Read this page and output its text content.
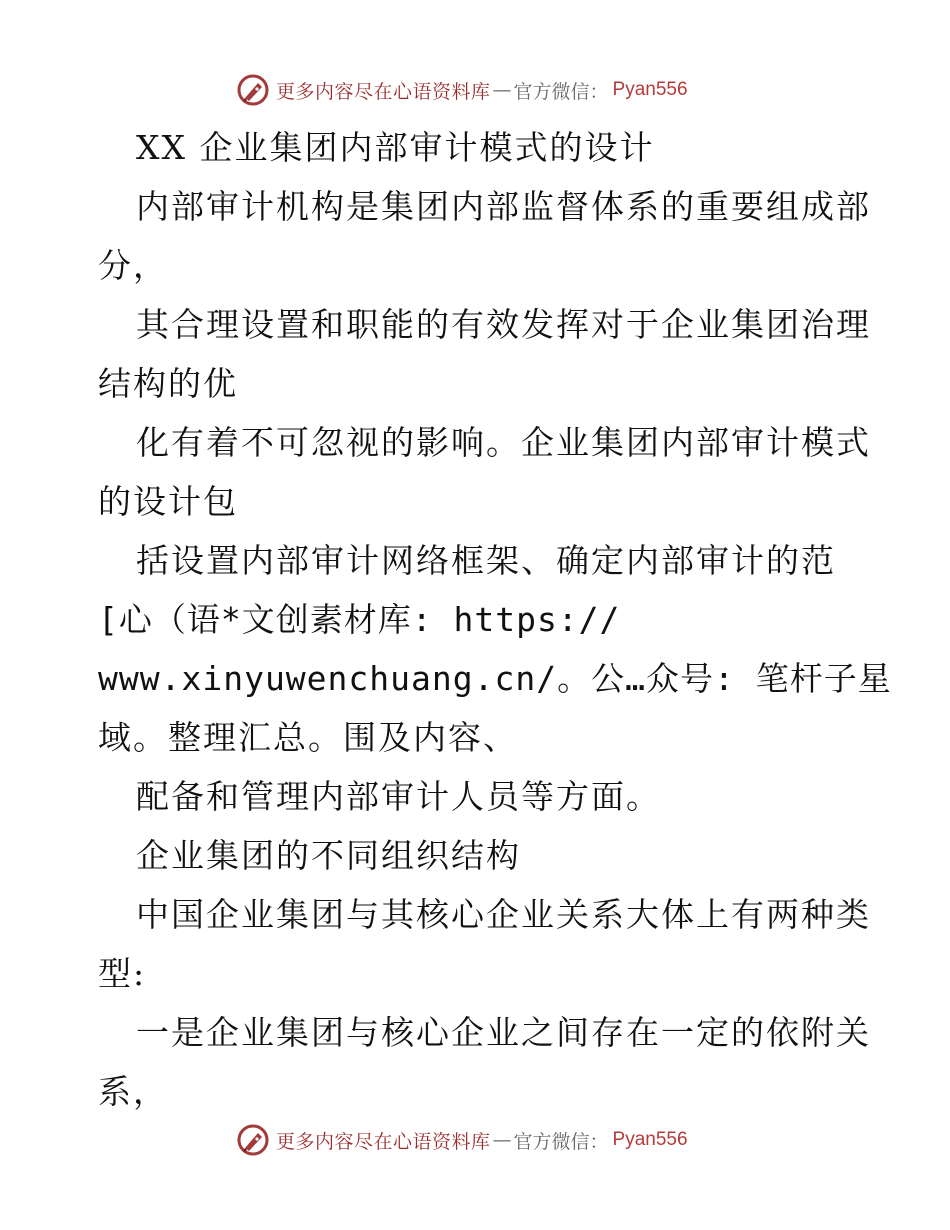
更多内容尽在心语资料库 — 官方微信： Pyan556
XX 企业集团内部审计模式的设计
内部审计机构是集团内部监督体系的重要组成部
分，
其合理设置和职能的有效发挥对于企业集团治理
结构的优
化有着不可忽视的影响。企业集团内部审计模式
的设计包
括设置内部审计网络框架、确定内部审计的范
[心（语*文创素材库: https://
www.xinyuwenchuang.cn/。公…众号: 笔杆子星
域。整理汇总。围及内容、
配备和管理内部审计人员等方面。
企业集团的不同组织结构
中国企业集团与其核心企业关系大体上有两种类
型:
一是企业集团与核心企业之间存在一定的依附关
系，
更多内容尽在心语资料库 — 官方微信： Pyan556
